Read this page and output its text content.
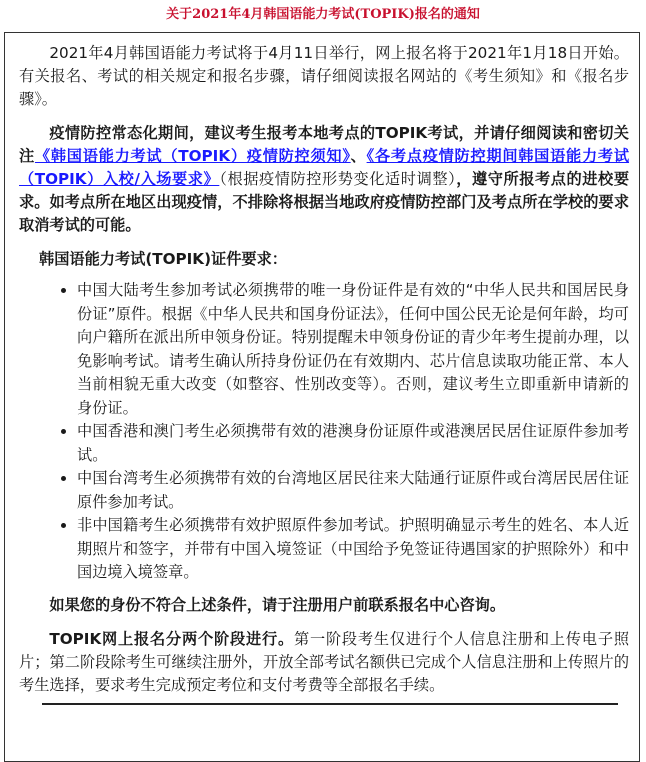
关于2021年4月韩国语能力考试(TOPIK)报名的通知

2021年4月韩国语能力考试将于4月11日举行，网上报名将于2021年1月18日开始。有关报名、考试的相关规定和报名步骤，请仔细阅读报名网站的《考生须知》和《报名步骤》。

疫情防控常态化期间，建议考生报考本地考点的TOPIK考试，并请仔细阅读和密切关注《韩国语能力考试（TOPIK）疫情防控须知》、《各考点疫情防控期间韩国语能力考试（TOPIK）入校/入场要求》（根据疫情防控形势变化适时调整），遵守所报考点的进校要求。如考点所在地区出现疫情，不排除将根据当地政府疫情防控部门及考点所在学校的要求取消考试的可能。

韩国语能力考试(TOPIK)证件要求：

• 中国大陆考生参加考试必须携带的唯一身份证件是有效的“中华人民共和国居民身份证”原件。根据《中华人民共和国身份证法》，任何中国公民无论是何年龄，均可向户籍所在派出所申领身份证。特别提醒未申领身份证的青少年考生提前办理，以免影响考试。请考生确认所持身份证仍在有效期内、芯片信息读取功能正常、本人当前相貌无重大改变（如整容、性别改变等）。否则，建议考生立即重新申请新的身份证。
• 中国香港和澳门考生必须携带有效的港澳身份证原件或港澳居民居住证原件参加考试。
• 中国台湾考生必须携带有效的台湾地区居民往来大陆通行证原件或台湾居民居住证原件参加考试。
• 非中国籍考生必须携带有效护照原件参加考试。护照明确显示考生的姓名、本人近期照片和签字，并带有中国入境签证（中国给予免签证待遇国家的护照除外）和中国边境入境签章。

如果您的身份不符合上述条件，请于注册用户前联系报名中心咨询。

TOPIK网上报名分两个阶段进行。第一阶段考生仅进行个人信息注册和上传电子照片；第二阶段除考生可继续注册外，开放全部考试名额供已完成个人信息注册和上传照片的考生选择，要求考生完成预定考位和支付考费等全部报名手续。
